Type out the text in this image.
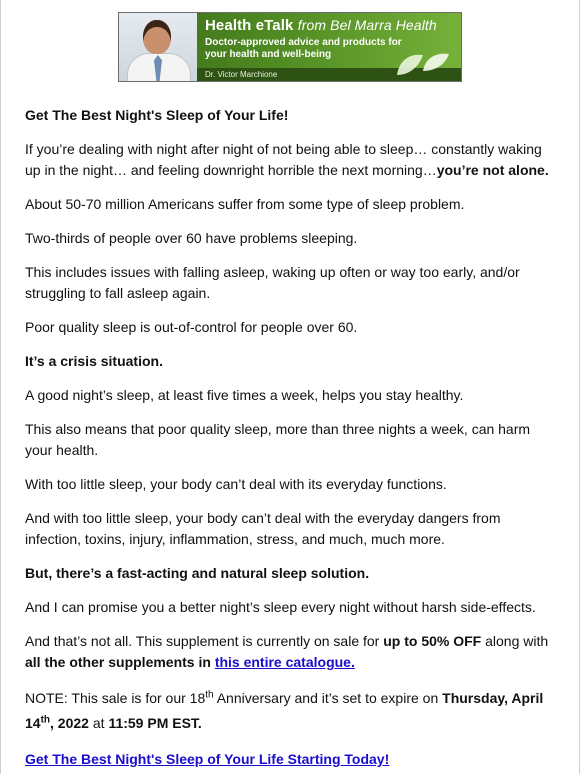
Health eTalk from Bel Marra Health
Doctor-approved advice and products for your health and well-being
Dr. Victor Marchione

Get The Best Night's Sleep of Your Life!

If you’re dealing with night after night of not being able to sleep… constantly waking up in the night… and feeling downright horrible the next morning…you’re not alone.

About 50-70 million Americans suffer from some type of sleep problem.

Two-thirds of people over 60 have problems sleeping.

This includes issues with falling asleep, waking up often or way too early, and/or struggling to fall asleep again.

Poor quality sleep is out-of-control for people over 60.

It’s a crisis situation.

A good night’s sleep, at least five times a week, helps you stay healthy.

This also means that poor quality sleep, more than three nights a week, can harm your health.

With too little sleep, your body can’t deal with its everyday functions.

And with too little sleep, your body can’t deal with the everyday dangers from infection, toxins, injury, inflammation, stress, and much, much more.

But, there’s a fast-acting and natural sleep solution.

And I can promise you a better night’s sleep every night without harsh side-effects.

And that’s not all. This supplement is currently on sale for up to 50% OFF along with all the other supplements in this entire catalogue.

NOTE: This sale is for our 18th Anniversary and it’s set to expire on Thursday, April 14th, 2022 at 11:59 PM EST.

Get The Best Night's Sleep of Your Life Starting Today!
